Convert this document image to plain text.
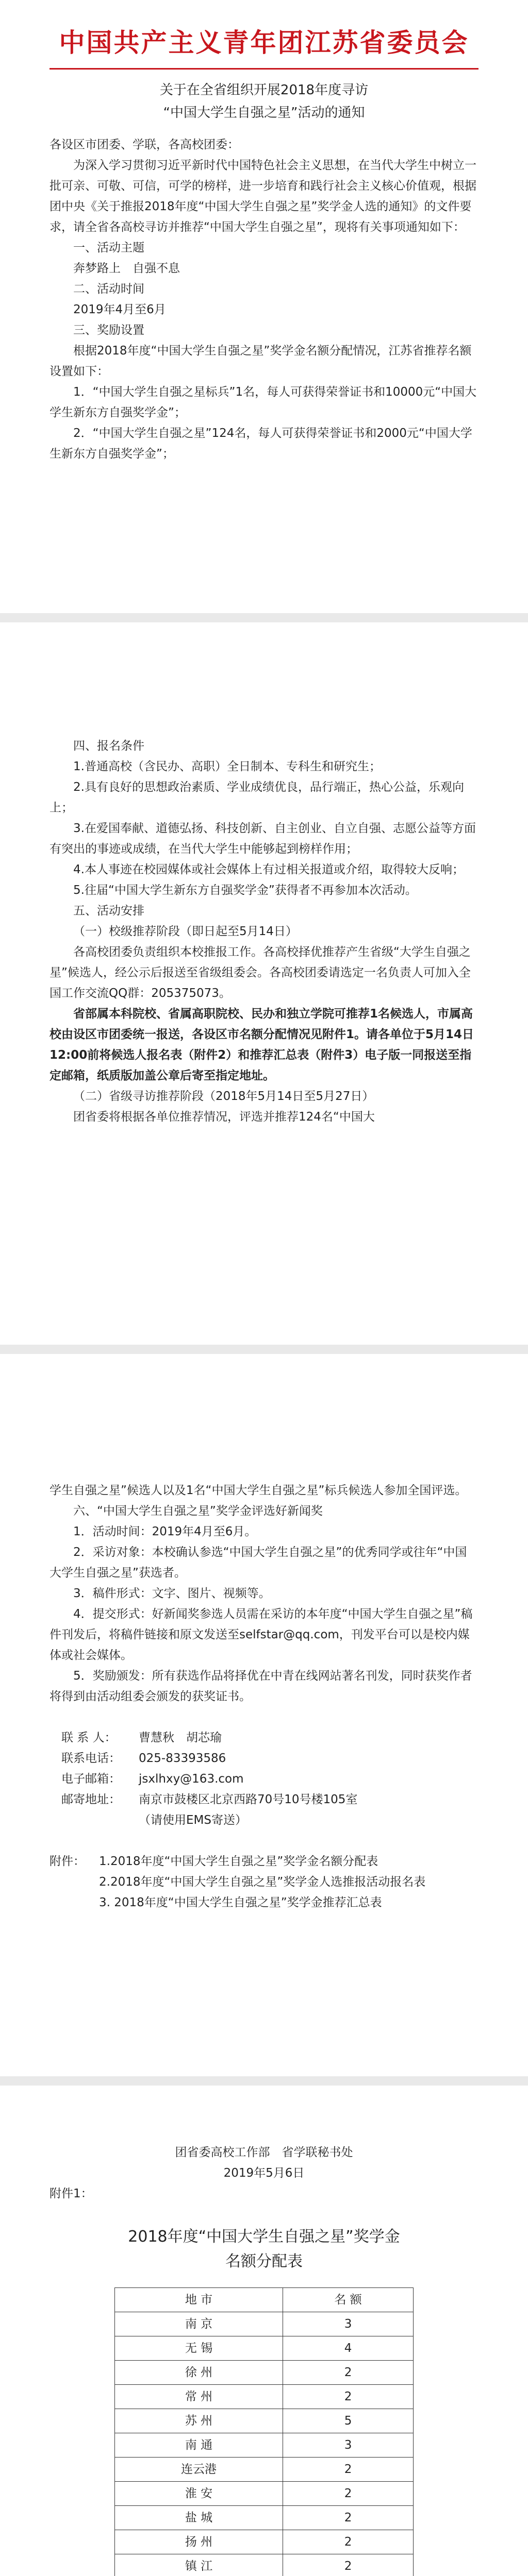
中国共产主义青年团江苏省委员会
关于在全省组织开展2018年度寻访
“中国大学生自强之星”活动的通知

各设区市团委、学联，各高校团委：

为深入学习贯彻习近平新时代中国特色社会主义思想，在当代大学生中树立一批可亲、可敬、可信，可学的榜样，进一步培育和践行社会主义核心价值观，根据团中央《关于推报2018年度“中国大学生自强之星”奖学金人选的通知》的文件要求，请全省各高校寻访并推荐“中国大学生自强之星”，现将有关事项通知如下：

一、活动主题

奔梦路上　自强不息

二、活动时间

2019年4月至6月

三、奖励设置

根据2018年度“中国大学生自强之星”奖学金名额分配情况，江苏省推荐名额设置如下：

1．“中国大学生自强之星标兵”1名，每人可获得荣誉证书和10000元“中国大学生新东方自强奖学金”；

2．“中国大学生自强之星”124名，每人可获得荣誉证书和2000元“中国大学生新东方自强奖学金”；

四、报名条件

1.普通高校（含民办、高职）全日制本、专科生和研究生；

2.具有良好的思想政治素质、学业成绩优良，品行端正，热心公益，乐观向上；

3.在爱国奉献、道德弘扬、科技创新、自主创业、自立自强、志愿公益等方面有突出的事迹或成绩，在当代大学生中能够起到榜样作用；

4.本人事迹在校园媒体或社会媒体上有过相关报道或介绍，取得较大反响；

5.往届“中国大学生新东方自强奖学金”获得者不再参加本次活动。

五、活动安排

（一）校级推荐阶段（即日起至5月14日）

各高校团委负责组织本校推报工作。各高校择优推荐产生省级“大学生自强之星”候选人，经公示后报送至省级组委会。各高校团委请选定一名负责人可加入全国工作交流QQ群：205375073。

省部属本科院校、省属高职院校、民办和独立学院可推荐1名候选人，市属高校由设区市团委统一报送，各设区市名额分配情况见附件1。请各单位于5月14日12:00前将候选人报名表（附件2）和推荐汇总表（附件3）电子版一同报送至指定邮箱，纸质版加盖公章后寄至指定地址。

（二）省级寻访推荐阶段（2018年5月14日至5月27日）

团省委将根据各单位推荐情况，评选并推荐124名“中国大

学生自强之星”候选人以及1名“中国大学生自强之星”标兵候选人参加全国评选。

六、“中国大学生自强之星”奖学金评选好新闻奖

1．活动时间：2019年4月至6月。

2．采访对象：本校确认参选“中国大学生自强之星”的优秀同学或往年“中国大学生自强之星”获选者。

3．稿件形式：文字、图片、视频等。

4．提交形式：好新闻奖参选人员需在采访的本年度“中国大学生自强之星”稿件刊发后，将稿件链接和原文发送至selfstar@qq.com，刊发平台可以是校内媒体或社会媒体。

5．奖励颁发：所有获选作品将择优在中青在线网站著名刊发，同时获奖作者将得到由活动组委会颁发的获奖证书。

联 系 人：	曹慧秋　胡芯瑜
联系电话：	025-83393586
电子邮箱：	jsxlhxy@163.com
邮寄地址：	南京市鼓楼区北京西路70号10号楼105室
（请使用EMS寄送）
附件：	1.2018年度“中国大学生自强之星”奖学金名额分配表

2.2018年度“中国大学生自强之星”奖学金人选推报活动报名表

3. 2018年度“中国大学生自强之星”奖学金推荐汇总表

团省委高校工作部　省学联秘书处
2019年5月6日

附件1：

2018年度“中国大学生自强之星”奖学金
名额分配表
地 市	名 额
南 京	3
无 锡	4
徐 州	2
常 州	2
苏 州	5
南 通	3
连云港	2
淮 安	2
盐 城	2
扬 州	2
镇 江	2
